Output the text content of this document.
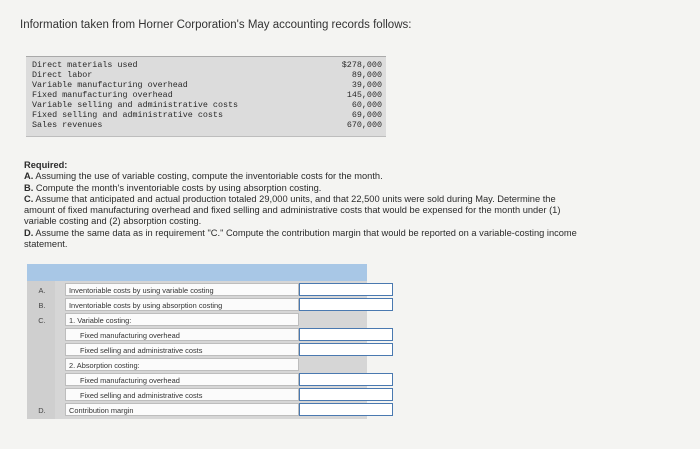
Information taken from Horner Corporation's May accounting records follows:
Direct materials used	$278,000
Direct labor	89,000
Variable manufacturing overhead	39,000
Fixed manufacturing overhead	145,000
Variable selling and administrative costs	60,000
Fixed selling and administrative costs	69,000
Sales revenues	670,000

Required:

A. Assuming the use of variable costing, compute the inventoriable costs for the month.

B. Compute the month's inventoriable costs by using absorption costing.

C. Assume that anticipated and actual production totaled 29,000 units, and that 22,500 units were sold during May. Determine the

amount of fixed manufacturing overhead and fixed selling and administrative costs that would be expensed for the month under (1)

variable costing and (2) absorption costing.

D. Assume the same data as in requirement "C." Compute the contribution margin that would be reported on a variable-costing income

statement.

A.	Inventoriable costs by using variable costing
B.	Inventoriable costs by using absorption costing
C.	1. Variable costing:
Fixed manufacturing overhead
Fixed selling and administrative costs
2. Absorption costing:
Fixed manufacturing overhead
Fixed selling and administrative costs
D.	Contribution margin
